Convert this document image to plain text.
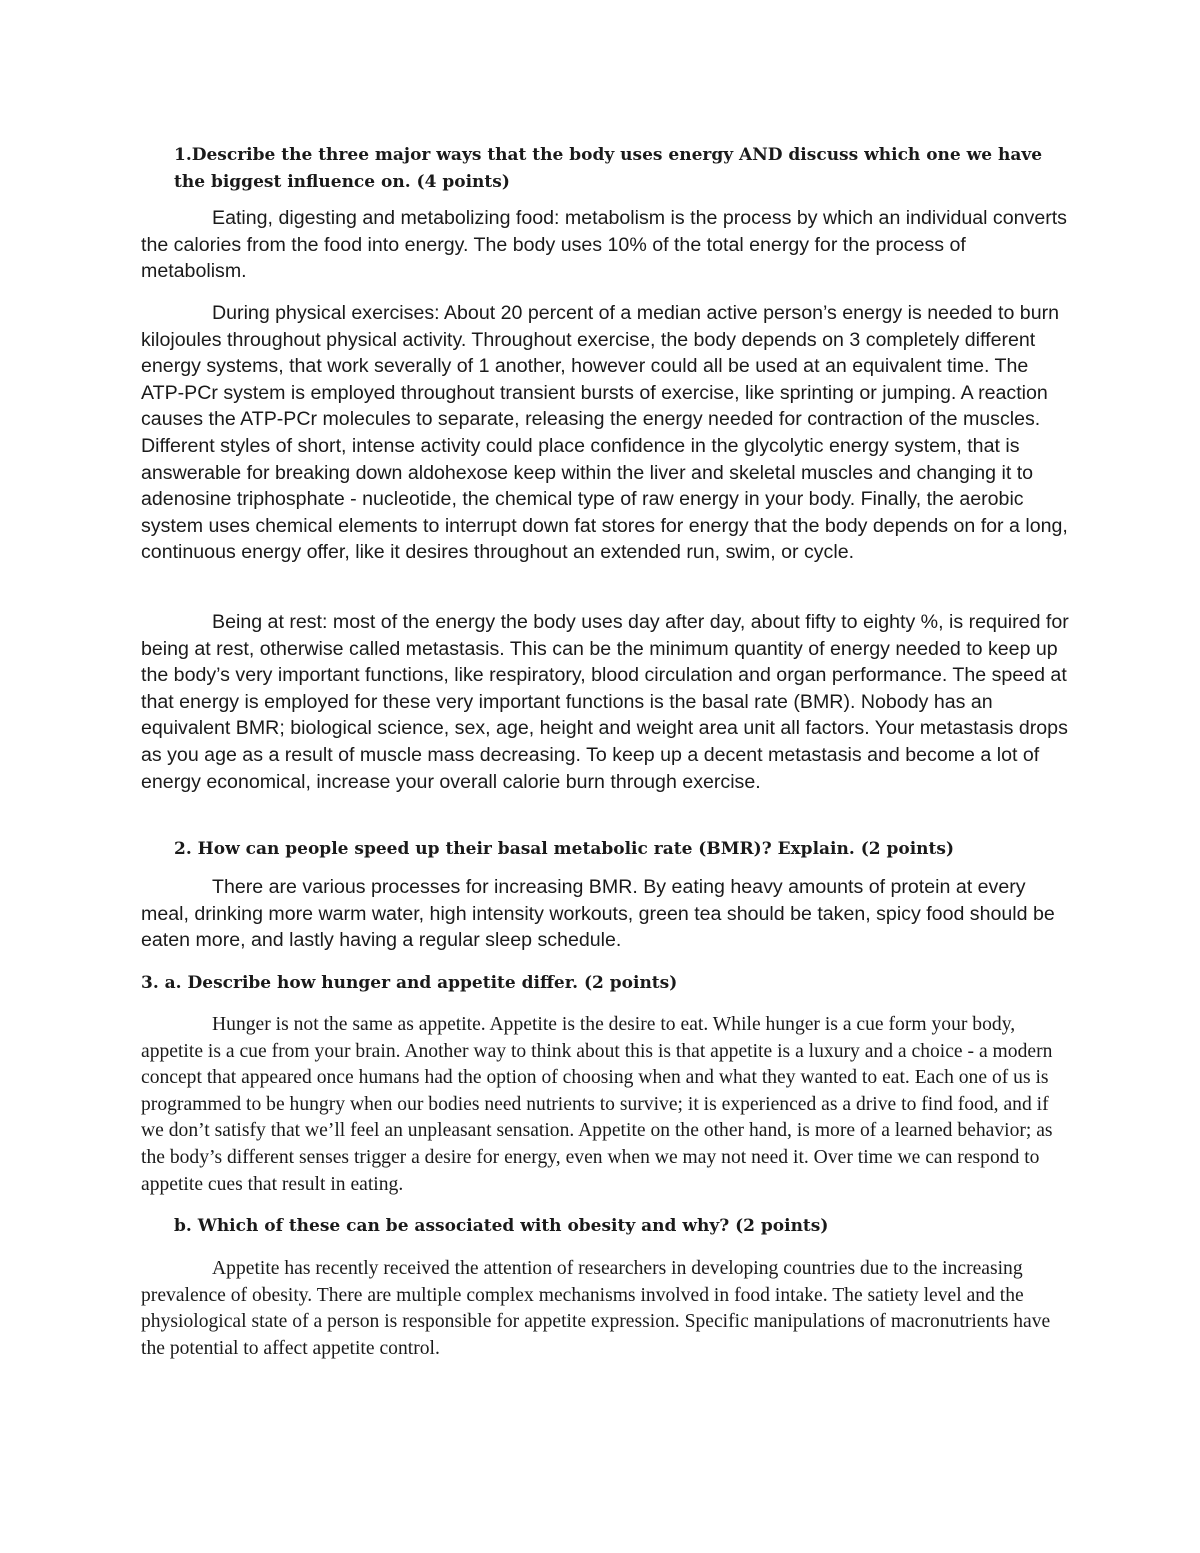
1.Describe the three major ways that the body uses energy AND discuss which one we have the biggest influence on. (4 points)

Eating, digesting and metabolizing food: metabolism is the process by which an individual converts the calories from the food into energy. The body uses 10% of the total energy for the process of metabolism.

During physical exercises: About 20 percent of a median active person’s energy is needed to burn kilojoules throughout physical activity. Throughout exercise, the body depends on 3 completely different energy systems, that work severally of 1 another, however could all be used at an equivalent time. The ATP-PCr system is employed throughout transient bursts of exercise, like sprinting or jumping. A reaction causes the ATP-PCr molecules to separate, releasing the energy needed for contraction of the muscles. Different styles of short, intense activity could place confidence in the glycolytic energy system, that is answerable for breaking down aldohexose keep within the liver and skeletal muscles and changing it to adenosine triphosphate - nucleotide, the chemical type of raw energy in your body. Finally, the aerobic system uses chemical elements to interrupt down fat stores for energy that the body depends on for a long, continuous energy offer, like it desires throughout an extended run, swim, or cycle.

Being at rest: most of the energy the body uses day after day, about fifty to eighty %, is required for being at rest, otherwise called metastasis. This can be the minimum quantity of energy needed to keep up the body’s very important functions, like respiratory, blood circulation and organ performance. The speed at that energy is employed for these very important functions is the basal rate (BMR). Nobody has an equivalent BMR; biological science, sex, age, height and weight area unit all factors. Your metastasis drops as you age as a result of muscle mass decreasing. To keep up a decent metastasis and become a lot of energy economical, increase your overall calorie burn through exercise.

2. How can people speed up their basal metabolic rate (BMR)? Explain. (2 points)

There are various processes for increasing BMR. By eating heavy amounts of protein at every meal, drinking more warm water, high intensity workouts, green tea should be taken, spicy food should be eaten more, and lastly having a regular sleep schedule.

3. a. Describe how hunger and appetite differ. (2 points)

Hunger is not the same as appetite. Appetite is the desire to eat. While hunger is a cue form your body, appetite is a cue from your brain. Another way to think about this is that appetite is a luxury and a choice - a modern concept that appeared once humans had the option of choosing when and what they wanted to eat. Each one of us is programmed to be hungry when our bodies need nutrients to survive; it is experienced as a drive to find food, and if we don’t satisfy that we’ll feel an unpleasant sensation. Appetite on the other hand, is more of a learned behavior; as the body’s different senses trigger a desire for energy, even when we may not need it. Over time we can respond to appetite cues that result in eating.

b. Which of these can be associated with obesity and why? (2 points)

Appetite has recently received the attention of researchers in developing countries due to the increasing prevalence of obesity. There are multiple complex mechanisms involved in food intake. The satiety level and the physiological state of a person is responsible for appetite expression. Specific manipulations of macronutrients have the potential to affect appetite control.
